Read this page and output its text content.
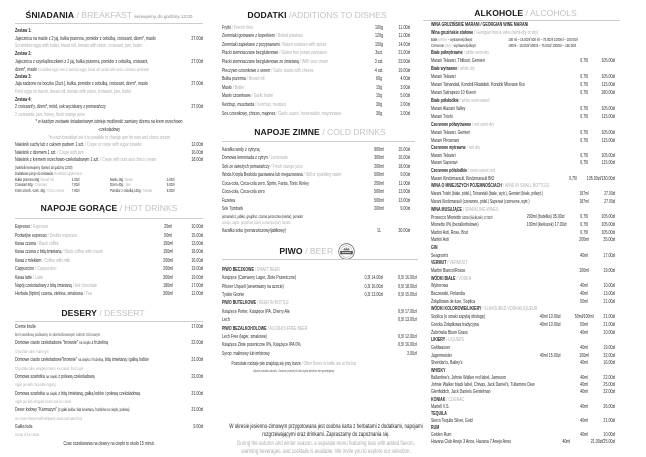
ŚNIADANIA / BREAKFAST serwujemy do godziny 12:00
NAPOJE GORĄCE / HOT DRINKS
DESERY / DESSERT
DODATKI /ADDITIONS TO DISHES
NAPOJE ZIMNE / COLD DRINKS
PIWO / BEER
ALKOHOLE / ALCOHOLS
Zestaw 1:
Jajecznica na maśle z 2 jaj, bułka pszenna, pomidor z cebulką, croissant, dżem*, masło	27.00zł
Scrambled eggs with butter, bread roll, tomato with onion, croissant, jam, butter
Zestaw 2:
Jajecznica z szynką/boczkiem z 2 jaj, bułka pszenna, pomidor z cebulką, croissant,	27.00zł
dżem*, masło Scrambled eggs, ham or bacon(2 eggs), bread roll, tomato with onion, croissant, jam/butter
Zestaw 3:
Jaja sadzone na boczku (2szt.), bułka, pomidor z cebulką, croissant, dżem*, masło	27.00zł
Fried eggs on bacon, bread roll, tomato with onion, croissant, jam, butter
Zestaw 4:
2 croissant'y, dżem*, miód, sok wyciskany z pomarańczy	27.00zł
2 croissants, jam, honey, fresh orange juice
* w każdym zestawie śniadaniowym istnieje możliwość zamiany dżemu na krem orzechowo
-czekoladowy
*in each breakfast set it is possible to change jam for nuts and choco cream
Naleśnik suchy lub z cukrem pudrem 1 szt. / Crepe or crepe with sugar powder	12.00zł
Naleśnik z dżemem 1 szt. / Crepe with jam	16.00zł
Naleśnik z kremem orzechowo-czekoladowym 1 szt. / Crepe with nuts and choco cream	18.00zł
(naleśniki serwujemy również do godziny 13:00)
Dodatkowe porcje do zestawów: Breakfast supplements:
Bułka pszenna 60g / Bread roll	4.00zł	Masło 15g / Butter	3.00zł
Croissant 60g / Croissant	7.00zł	Dżem 40g / Jam	5.00zł
Krem orzech.-czek. 40g / Choco cream 7.00zł	Pomidor z cebulką 100g / Tomato	8.00zł
Espresso / Espresso	25ml	10.00zł
Podwójne espresso / Double espresso	50ml	15.00zł
Kawa czarna / Black coffee	150ml	13.00zł
Kawa czarna z bitą śmietaną / Black coffee with cream	150ml	18.00zł
Kawa z mlekiem / Coffee with milk	200ml	16.00zł
Cappuccino / Cappuccino	200ml	19.00zł
Kawa latte / Latte	300ml	19.00zł
Napój czekoladowy z bitą śmietaną / Hot chocolate	180ml	17.00zł
Herbata (lipton) czarna, zielona, smakowa / Tea	300ml	12.00zł
Creme brulle	17.00zł
krem waniliowy podawany ze skarmelizowanym cukrem trzcinowym
Domowe ciasto czekoladowe "brownie" na ciepło z frużeliną	22.00zł
Chocolate cake, fruit in gel
Domowe ciasto czekoladowe"brownie" na ciepło z frużeliną, bitą śmietaną i gałką lodów	31.00zł
Chocolate cake, whipped cream, ice cream, fruit in gel
Domowa szarlotka na ciepło z polewą czekoladową	22.00zł
Apple pie with chocolate topping
Domowa szarlotka na ciepło z bitą śmietaną, gałką lodów i polewą czekoladową	31.00zł
Apple pie with whipped cream and ice cream
Deser lodowy "Karmazyn" (2 gałki lodów, bita śmietana, frużelina na ciepło, polewa)	31.00zł
Ice cream dessert with whipped cream and warm fruit
Gałka loda	9.00zł
Scoop of ice cream
Czas oczekiwania na desery na ciepło to około 15 minut.
Frytki / French fries	100g	11.00zł
Ziemniaki gotowane z koperkiem / Boiled potatoes	120g	11.00zł
Ziemniaki zapiekane z przyprawami / Baked potatoes with spices	150g	14.00zł
Placki ziemniaczane bezglutenowe / Gluten free potato pancakes	3szt.	21.00zł
Placki ziemniaczane bezglutenowe ze śmietaną / With sour cream	3 szt.	23.00zł
Pieczywo czosnkowe z serem / Garlic toasts with cheese	4 szt.	19.00zł
Bułka pszenna / Bread roll	60g	4.00zł
Masło / Butter	15g	3.00zł
Masło czosnkowe / Garlic butter	15g	5.00zł
Ketchup, musztarda / Ketchup, mustard	30g	2.00zł
Sos czosnkowy, chrzan, majonez / Garlic sauce, horseradish, mayonnaise	30g	2.00zł
Karafka wody z cytryną	900ml	15.00zł
Domowa lemoniada z cytryn / Lemonade	300ml	16.00zł
Sok ze świeżych pomarańczy / Fresh orange juice	200ml	18.00zł
Woda Kropla Beskidu gazowana lub niegazowana / Still or sparkling water	500ml	9.00zł
Coca-cola, Coca-cola zero, Sprite, Fanta, Tonic Kinley	250ml	11.00zł
Coca-cola, Coca-cola zero	500ml	13.00zł
Fuzetea	500ml	13.00zł
Sok Tymbark	200ml	9.00zł
pomarańcz, jabłko, grejpfrut, czarna porzeczka (nektar), pomidor
orange, apple, grapefruit, black currant(nectar), tomato
Karafka soku (pomarańczowy/jabłkowy)	1L	30.00zł
PIWO BECZKOWE / DRAFT BEER
Książęce (Czerwony Lager, Złote Pszeniczne)	0,3l 14.00zł	0,5l 16.00zł
Pilsner Urquell (serwowany na azocie)	0,3l 16.00zł	0,5l 18.00zł
Tyskie Gronie	0,3l 13.00zł	0,5l 15.00zł
PIWO BUTELKOWE / BEER IN BOTTLE
Książęce Porter, Książęce IPA, Cherry Ale	0,5l 17.00zł
Lech	0,5l 13.00zł
PIWO BEZALKOHOLOWE / ALCOHOLFREE BEER
Lech Free (lager, smakowe)	0,5l 12.00zł
Książęce Złote pszeniczne 0%, Książęce IPA 0%	0,5l 16.00zł
Syrop: malinowy lub imbirowy	3.00zł
Pozostałe rodzaje piw znajdują się przy barze / Other Beers in bottle are at the bar
Alkohol szkodzi zdrowiu. Osobom poniżej 18 roku życia alkoholu nie sprzedajemy.
W okresie jesienno-zimowym przygotowana jest osobna karta z herbatami z dodatkami, napojami
rozgrzewającymi oraz drinkami. Zapraszamy do zapoznania się.
During the autumn and winter season, a separate menu featuring teas with added flavors,
warming beverages, and cocktails is available. We invite you to explore our selection.
WINA GRUZIŃSKIE MARANI / GEORGIAN WINE MARANI
Wina gruzińskie stołowe / Georgian house wine (semi-dry or dry)
Białe (white) – wytrawne/półwytr.	100 ml – 16.00zł/ 500 ml – 75.00zł/ 1000ml – 150.00zł
Czerwone (red) - wytrawne/półwytr.	100ml – 16.00zł/ 500ml – 75.00zł/ 1000ml – 150.00zł
Białe półwytrawne / white semi-dry
Marani Telavari, Tbilisuri, Gemieri	0,75l	105.00zł
Białe wytrawne / white dry
Marani Telavari	0,75l	105.00zł
Marani Tsinandali, Kondoli Rkatsiteli, Kondoli Mtsvane Kisi	0,75l	115.00zł
Marani Satrapezo 10 Kvevri	0,75l	180.00zł
Białe półsłodkie / white semi-sweet
Marani Alazani Valley	0,75l	105.00zł
Marani Tvishi	0,75l	115.00zł
Czerwone półwytrawne / red semi-dry
Marani Telavari, Gemieri	0,75l	105.00zł
Marani Pirosmani	0,75l	115.00zł
Czerwone wytrawne / red dry
Marani Telavari	0,75l	105.00zł
Marani Saperavi	0,75l	115.00zł
Czerwone półsłodkie / semi-sweet red
Marani Kindzmarauli, Kindzmarauli BIO	0,75l	105.00zł/130.00zł
WINA O MNIEJSZYCH POJEMNOŚCIACH / WINE IN SMALL BOTTLES
Marani Tvishi (białe, półsł.), Tsinandali (białe, wytr.), Gemieri (białe, półwyt.)	187ml	27.00zł
Marani Kindzmarauli (czerwone, półsł.) Saperavi (czerwone, wytr.)	187ml	27.00zł
WINA MUSUJĄCE / SPARKLING WINES
Prosecco Mionetto 100ml (kieliszek) 17.00zł	200ml (butelka) 35.00zł	0,75l	105.00zł
Mionetto 0% (bezalkoholowe)	100ml (kieliszek) 17.00zł	0,75l	105.00zł
Martini Asti, Rose, Brut	0,75l	105.00zł
Martini Asti	200ml	35.00zł
GIN
Seagram's	40ml	17.00zł
VERMUT / VERMOUT
Martini Bianco/Rosso	100ml	19.00zł
WÓDKI BIAŁE / VODKA
Wyborowa	40ml	10.00zł
Baczewski, Finlandia	40ml	13.00zł
Żołądkowa de luxe, Soplica	50ml	21.00zł
WÓDKI KOLOROWE/LIKIERY / FLAVOURED VODKA/LIQUEUR
Soplica (o smaki zapytaj obsługę)	40ml 10.00zł	50ml/100ml 21.00zł
Gorzka Żołądkowa tradycyjna	40ml 10.00zł	50ml	21.00zł
Żubrówka Bison Grass	40ml	10.00zł
LIKIERY / LIQUERS
Goldwasser	40ml	19.00zł
Jagermeister	40ml 15.00zł	100ml	32.00zł
Sheridan's, Bailey's	40ml	16.00zł
WHISKY
Ballantine's, Johnie Walker red label, Jameson	40ml	22.00zł
Johnie Walker black label, Chivas, Jack Daniel's, Tullamore Dew	40ml	25.00zł
Glenfiddich, Jack Daniels Gentelman	40ml	32.00zł
KONIAK / COGNAC
Martell V.S.	40ml	26.00zł
TEQUILA
Sierra Tequila Silver, Gold	40ml	21.00zł
RUM
Golden Rum	40ml	10.00zł
Havana Club Anejo 3 Anos, Havana 7 Anejo Anos	40ml	21.00zł/25.00zł
